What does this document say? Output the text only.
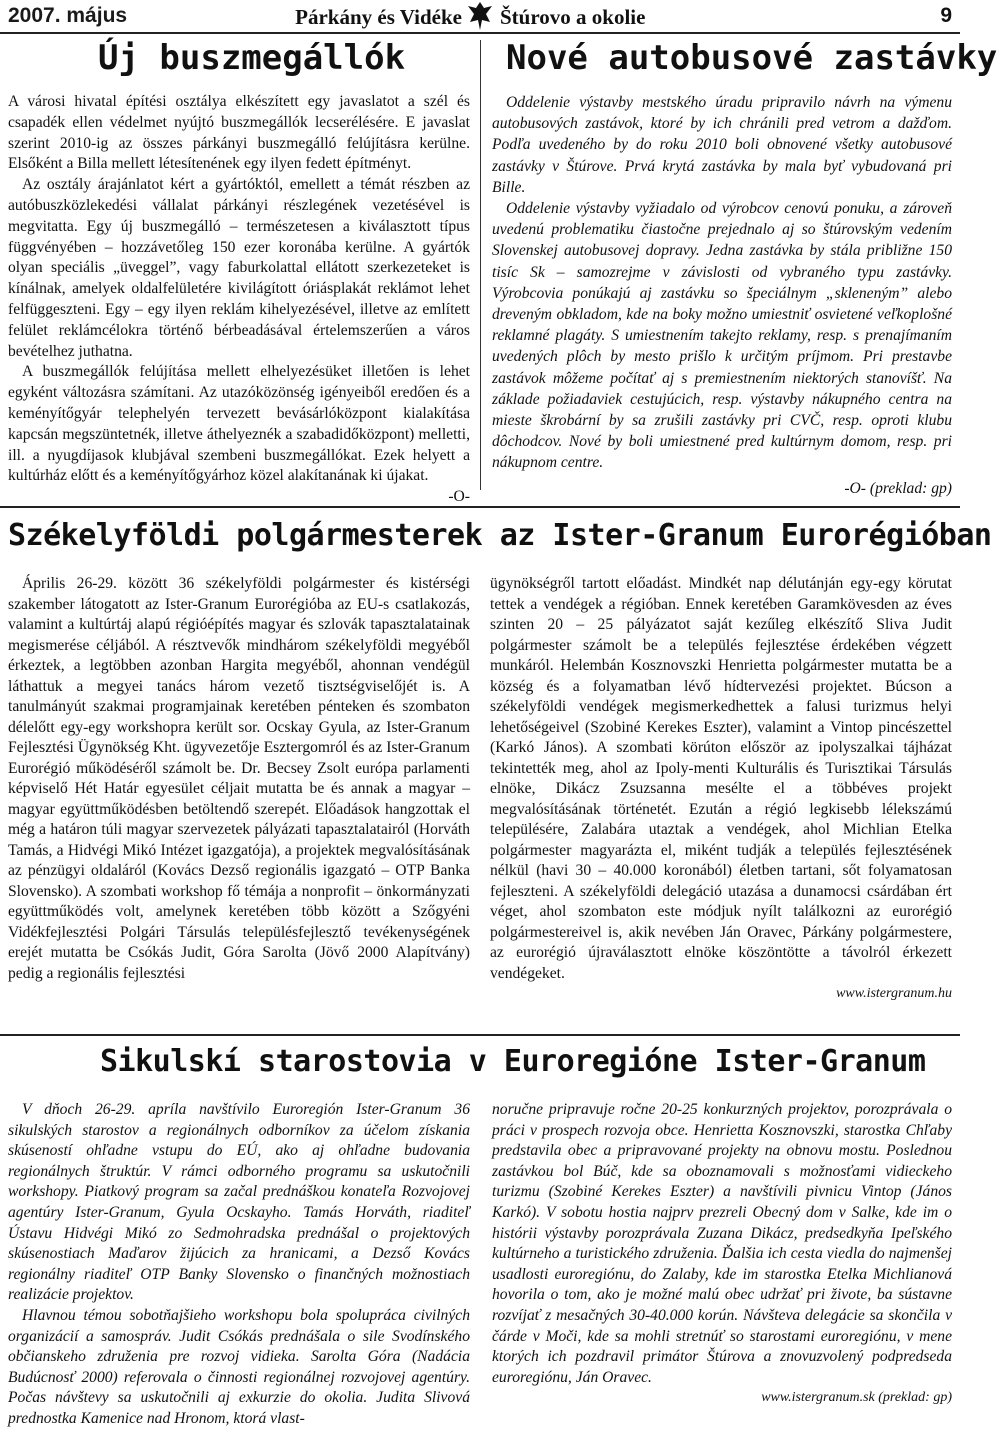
2007. május	Párkány és Vidéke Štúrovo a okolie	9
Új buszmegállók

A városi hivatal építési osztálya elkészített egy javaslatot a szél és csapadék ellen védelmet nyújtó buszmegállók lecserélésére. E javaslat szerint 2010-ig az összes párkányi buszmegálló felújításra kerülne. Elsőként a Billa mellett létesítenének egy ilyen fedett építményt.

Az osztály árajánlatot kért a gyártóktól, emellett a témát részben az autóbuszközlekedési vállalat párkányi részlegének vezetésével is megvitatta. Egy új buszmegálló – természetesen a kiválasztott típus függvényében – hozzávetőleg 150 ezer koronába kerülne. A gyártók olyan speciális „üveggel”, vagy faburkolattal ellátott szerkezeteket is kínálnak, amelyek oldalfelületére kivilágított óriásplakát reklámot lehet felfüggeszteni. Egy – egy ilyen reklám kihelyezésével, illetve az említett felület reklámcélokra történő bérbeadásával értelemszerűen a város bevételhez juthatna.

A buszmegállók felújítása mellett elhelyezésüket illetően is lehet egyként változásra számítani. Az utazóközönség igényeiből eredően és a keményítőgyár telephelyén tervezett bevásárlóközpont kialakítása kapcsán megszüntetnék, illetve áthelyeznék a szabadidőközpont) melletti, ill. a nyugdíjasok klubjával szembeni buszmegállókat. Ezek helyett a kultúrház előtt és a keményítőgyárhoz közel alakítanának ki újakat.

-O-
Nové autobusové zastávky

Oddelenie výstavby mestského úradu pripravilo návrh na výmenu autobusových zastávok, ktoré by ich chránili pred vetrom a dažďom. Podľa uvedeného by do roku 2010 boli obnovené všetky autobusové zastávky v Štúrove. Prvá krytá zastávka by mala byť vybudovaná pri Bille.

Oddelenie výstavby vyžiadalo od výrobcov cenovú ponuku, a zároveň uvedenú problematiku čiastočne prejednalo aj so štúrovským vedením Slovenskej autobusovej dopravy. Jedna zastávka by stála približne 150 tisíc Sk – samozrejme v závislosti od vybraného typu zastávky. Výrobcovia ponúkajú aj zastávku so špeciálnym „skleneným” alebo dreveným obkladom, kde na boky možno umiestniť osvietené veľkoplošné reklamné plagáty. S umiestnením takejto reklamy, resp. s prenajímaním uvedených plôch by mesto prišlo k určitým príjmom. Pri prestavbe zastávok môžeme počítať aj s premiestnením niektorých stanovíšť. Na základe požiadaviek cestujúcich, resp. výstavby nákupného centra na mieste škrobární by sa zrušili zastávky pri CVČ, resp. oproti klubu dôchodcov. Nové by boli umiestnené pred kultúrnym domom, resp. pri nákupnom centre.

-O- (preklad: gp)
Székelyföldi polgármesterek az Ister-Granum Eurorégióban

Április 26-29. között 36 székelyföldi polgármester és kistérségi szakember látogatott az Ister-Granum Eurorégióba az EU-s csatlakozás, valamint a kultúrtáj alapú régióépítés magyar és szlovák tapasztalatainak megismerése céljából. A résztvevők mindhárom székelyföldi megyéből érkeztek, a legtöbben azonban Hargita megyéből, ahonnan vendégül láthattuk a megyei tanács három vezető tisztségviselőjét is. A tanulmányút szakmai programjainak keretében pénteken és szombaton délelőtt egy-egy workshopra került sor. Ocskay Gyula, az Ister-Granum Fejlesztési Ügynökség Kht. ügyvezetője Esztergomról és az Ister-Granum Eurorégió működéséről számolt be. Dr. Becsey Zsolt európa parlamenti képviselő Hét Határ egyesület céljait mutatta be és annak a magyar – magyar együttműködésben betöltendő szerepét. Előadások hangzottak el még a határon túli magyar szervezetek pályázati tapasztalatairól (Horváth Tamás, a Hidvégi Mikó Intézet igazgatója), a projektek megvalósításának az pénzügyi oldaláról (Kovács Dezső regionális igazgató – OTP Banka Slovensko). A szombati workshop fő témája a nonprofit – önkormányzati együttműködés volt, amelynek keretében több között a Szőgyéni Vidékfejlesztési Polgári Társulás településfejlesztő tevékenységének erejét mutatta be Csókás Judit, Góra Sarolta (Jövő 2000 Alapítvány) pedig a regionális fejlesztési

ügynökségről tartott előadást. Mindkét nap délutánján egy-egy körutat tettek a vendégek a régióban. Ennek keretében Garamkövesden az éves szinten 20 – 25 pályázatot saját kezűleg elkészítő Sliva Judit polgármester számolt be a település fejlesztése érdekében végzett munkáról. Helembán Kosznovszki Henrietta polgármester mutatta be a község és a folyamatban lévő hídtervezési projektet. Búcson a székelyföldi vendégek megismerkedhettek a falusi turizmus helyi lehetőségeivel (Szobiné Kerekes Eszter), valamint a Vintop pincészettel (Karkó János). A szombati körúton először az ipolyszalkai tájházat tekintették meg, ahol az Ipoly-menti Kulturális és Turisztikai Társulás elnöke, Dikácz Zsuzsanna mesélte el a többéves projekt megvalósításának történetét. Ezután a régió legkisebb lélekszámú településére, Zalabára utaztak a vendégek, ahol Michlian Etelka polgármester magyarázta el, miként tudják a település fejlesztésének nélkül (havi 30 – 40.000 koronából) életben tartani, sőt folyamatosan fejleszteni. A székelyföldi delegáció utazása a dunamocsi csárdában ért véget, ahol szombaton este módjuk nyílt találkozni az eurorégió polgármestereivel is, akik nevében Ján Oravec, Párkány polgármestere, az eurorégió újraválasztott elnöke köszöntötte a távolról érkezett vendégeket.

www.istergranum.hu
Sikulskí starostovia v Euroregióne Ister-Granum

V dňoch 26-29. apríla navštívilo Euroregión Ister-Granum 36 sikulských starostov a regionálnych odborníkov za účelom získania skúseností ohľadne vstupu do EÚ, ako aj ohľadne budovania regionálnych štruktúr. V rámci odborného programu sa uskutočnili workshopy. Piatkový program sa začal prednáškou konateľa Rozvojovej agentúry Ister-Granum, Gyula Ocskayho. Tamás Horváth, riaditeľ Ústavu Hidvégi Mikó zo Sedmohradska prednášal o projektových skúsenostiach Maďarov žijúcich za hranicami, a Dezső Kovács regionálny riaditeľ OTP Banky Slovensko o finančných možnostiach realizácie projektov.

Hlavnou témou sobotňajšieho workshopu bola spolupráca civilných organizácií a samospráv. Judit Csókás prednášala o sile Svodínského občianskeho združenia pre rozvoj vidieka. Sarolta Góra (Nadácia Budúcnosť 2000) referovala o činnosti regionálnej rozvojovej agentúry. Počas návštevy sa uskutočnili aj exkurzie do okolia. Judita Slivová prednostka Kamenice nad Hronom, ktorá vlast-

noručne pripravuje ročne 20-25 konkurzných projektov, porozprávala o práci v prospech rozvoja obce. Henrietta Kosznovszki, starostka Chľaby predstavila obec a pripravované projekty na obnovu mostu. Poslednou zastávkou bol Búč, kde sa oboznamovali s možnosťami vidieckeho turizmu (Szobiné Kerekes Eszter) a navštívili pivnicu Vintop (János Karkó). V sobotu hostia najprv prezreli Obecný dom v Salke, kde im o histórii výstavby porozprávala Zuzana Dikácz, predsedkyňa Ipeľského kultúrneho a turistického združenia. Ďalšia ich cesta viedla do najmenšej usadlosti euroregiónu, do Zalaby, kde im starostka Etelka Michlianová hovorila o tom, ako je možné malú obec udržať pri živote, ba sústavne rozvíjať z mesačných 30-40.000 korún. Návšteva delegácie sa skončila v čárde v Moči, kde sa mohli stretnúť so starostami euroregiónu, v mene ktorých ich pozdravil primátor Štúrova a znovuzvolený podpredseda euroregiónu, Ján Oravec.

www.istergranum.sk (preklad: gp)
